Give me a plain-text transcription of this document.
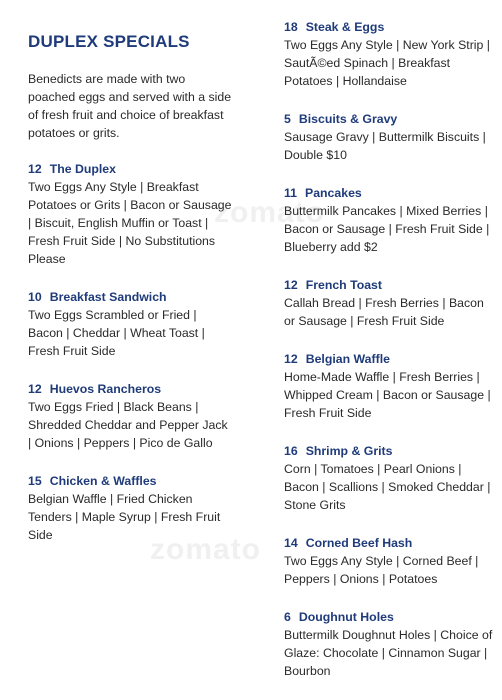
zomato
zomato
DUPLEX SPECIALS

Benedicts are made with two poached eggs and served with a side of fresh fruit and choice of breakfast potatoes or grits.

12 The Duplex
Two Eggs Any Style | Breakfast Potatoes or Grits | Bacon or Sausage | Biscuit, English Muffin or Toast | Fresh Fruit Side | No Substitutions Please
10 Breakfast Sandwich
Two Eggs Scrambled or Fried | Bacon | Cheddar | Wheat Toast | Fresh Fruit Side
12 Huevos Rancheros
Two Eggs Fried | Black Beans | Shredded Cheddar and Pepper Jack | Onions | Peppers | Pico de Gallo
15 Chicken & Waffles
Belgian Waffle | Fried Chicken Tenders | Maple Syrup | Fresh Fruit Side
18 Steak & Eggs
Two Eggs Any Style | New York Strip | SautÃ©ed Spinach | Breakfast Potatoes | Hollandaise
5 Biscuits & Gravy
Sausage Gravy | Buttermilk Biscuits | Double $10
11 Pancakes
Buttermilk Pancakes | Mixed Berries | Bacon or Sausage | Fresh Fruit Side | Blueberry add $2
12 French Toast
Callah Bread | Fresh Berries | Bacon or Sausage | Fresh Fruit Side
12 Belgian Waffle
Home-Made Waffle | Fresh Berries | Whipped Cream | Bacon or Sausage | Fresh Fruit Side
16 Shrimp & Grits
Corn | Tomatoes | Pearl Onions | Bacon | Scallions | Smoked Cheddar | Stone Grits
14 Corned Beef Hash
Two Eggs Any Style | Corned Beef | Peppers | Onions | Potatoes
6 Doughnut Holes
Buttermilk Doughnut Holes | Choice of Glaze: Chocolate | Cinnamon Sugar | Bourbon
